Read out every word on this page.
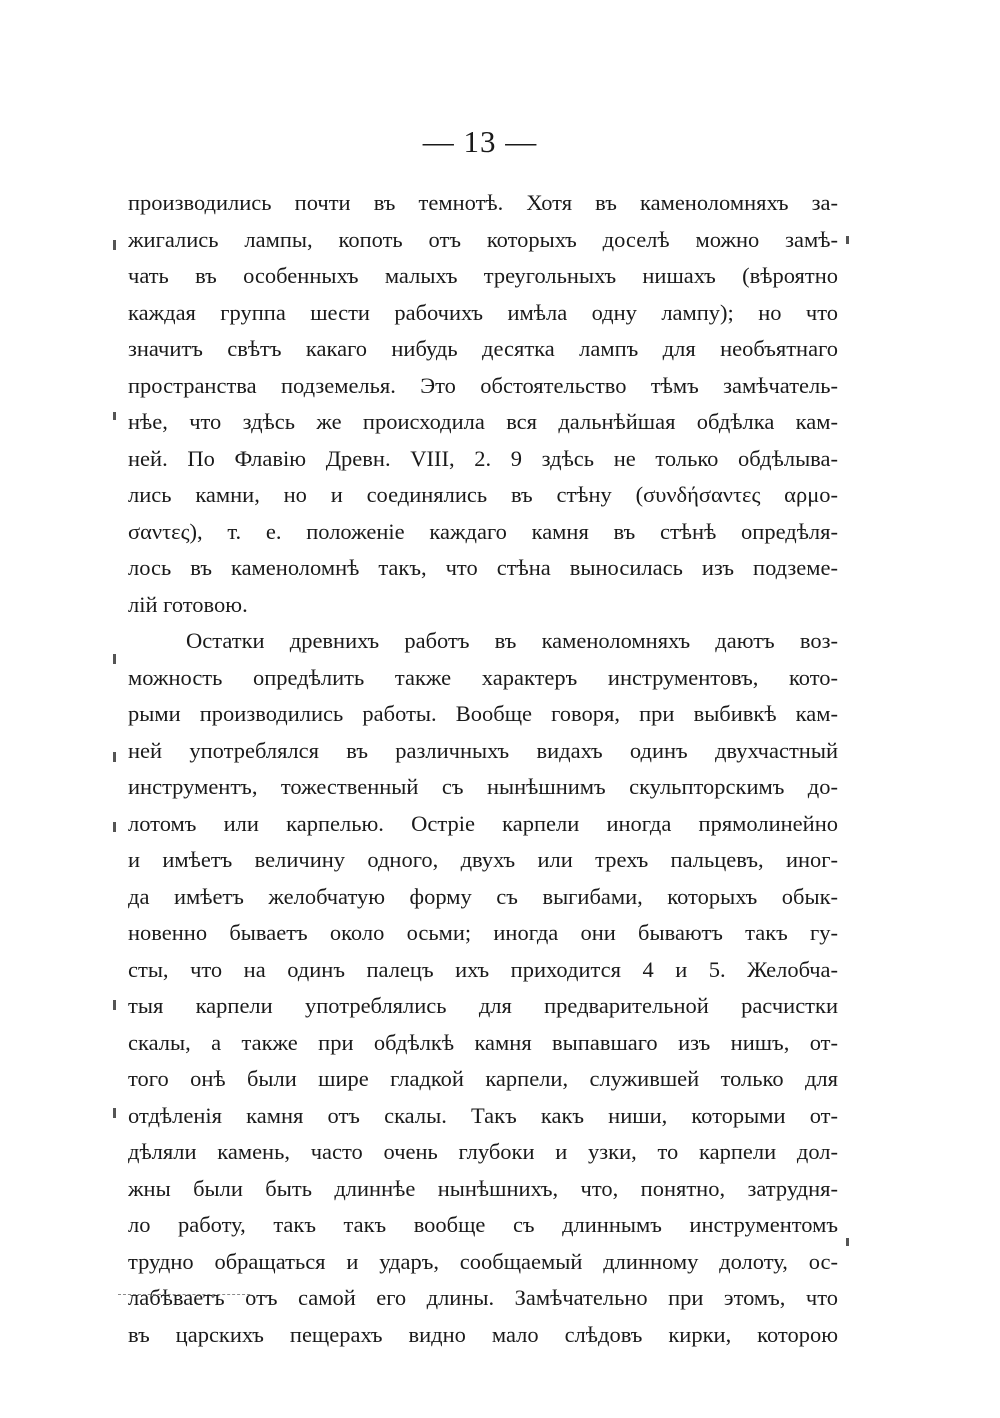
— 13 —
производились почти въ темнотѣ. Хотя въ каменоломняхъ за-
жигались лампы, копоть отъ которыхъ доселѣ можно замѣ-
чать въ особенныхъ малыхъ треугольныхъ нишахъ (вѣроятно
каждая группа шести рабочихъ имѣла одну лампу); но что
значитъ свѣтъ какаго нибудь десятка лампъ для необъятнаго
пространства подземелья. Это обстоятельство тѣмъ замѣчатель-
нѣе, что здѣсь же происходила вся дальнѣйшая обдѣлка кам-
ней. По Флавію Древн. VIII, 2. 9 здѣсь не только обдѣлыва-
лись камни, но и соединялись въ стѣну (συνδήσαντες αρμο-
σαντες), т. е. положеніе каждаго камня въ стѣнѣ опредѣля-
лось въ каменоломнѣ такъ, что стѣна выносилась изъ подземе-
лій готовою.
Остатки древнихъ работъ въ каменоломняхъ даютъ воз-
можность опредѣлить также характеръ инструментовъ, кото-
рыми производились работы. Вообще говоря, при выбивкѣ кам-
ней употреблялся въ различныхъ видахъ одинъ двухчастный
инструментъ, тожественный съ нынѣшнимъ скульпторскимъ до-
лотомъ или карпелью. Остріе карпели иногда прямолинейно
и имѣетъ величину одного, двухъ или трехъ пальцевъ, иног-
да имѣетъ желобчатую форму съ выгибами, которыхъ обык-
новенно бываетъ около осьми; иногда они бываютъ такъ гу-
сты, что на одинъ палецъ ихъ приходится 4 и 5. Желобча-
тыя карпели употреблялись для предварительной расчистки
скалы, а также при обдѣлкѣ камня выпавшаго изъ нишъ, от-
того онѣ были шире гладкой карпели, служившей только для
отдѣленія камня отъ скалы. Такъ какъ ниши, которыми от-
дѣляли камень, часто очень глубоки и узки, то карпели дол-
жны были быть длиннѣе нынѣшнихъ, что, понятно, затрудня-
ло работу, такъ такъ вообще съ длиннымъ инструментомъ
трудно обращаться и ударъ, сообщаемый длинному долоту, ос-
лабѣваетъ отъ самой его длины. Замѣчательно при этомъ, что
въ царскихъ пещерахъ видно мало слѣдовъ кирки, которою
